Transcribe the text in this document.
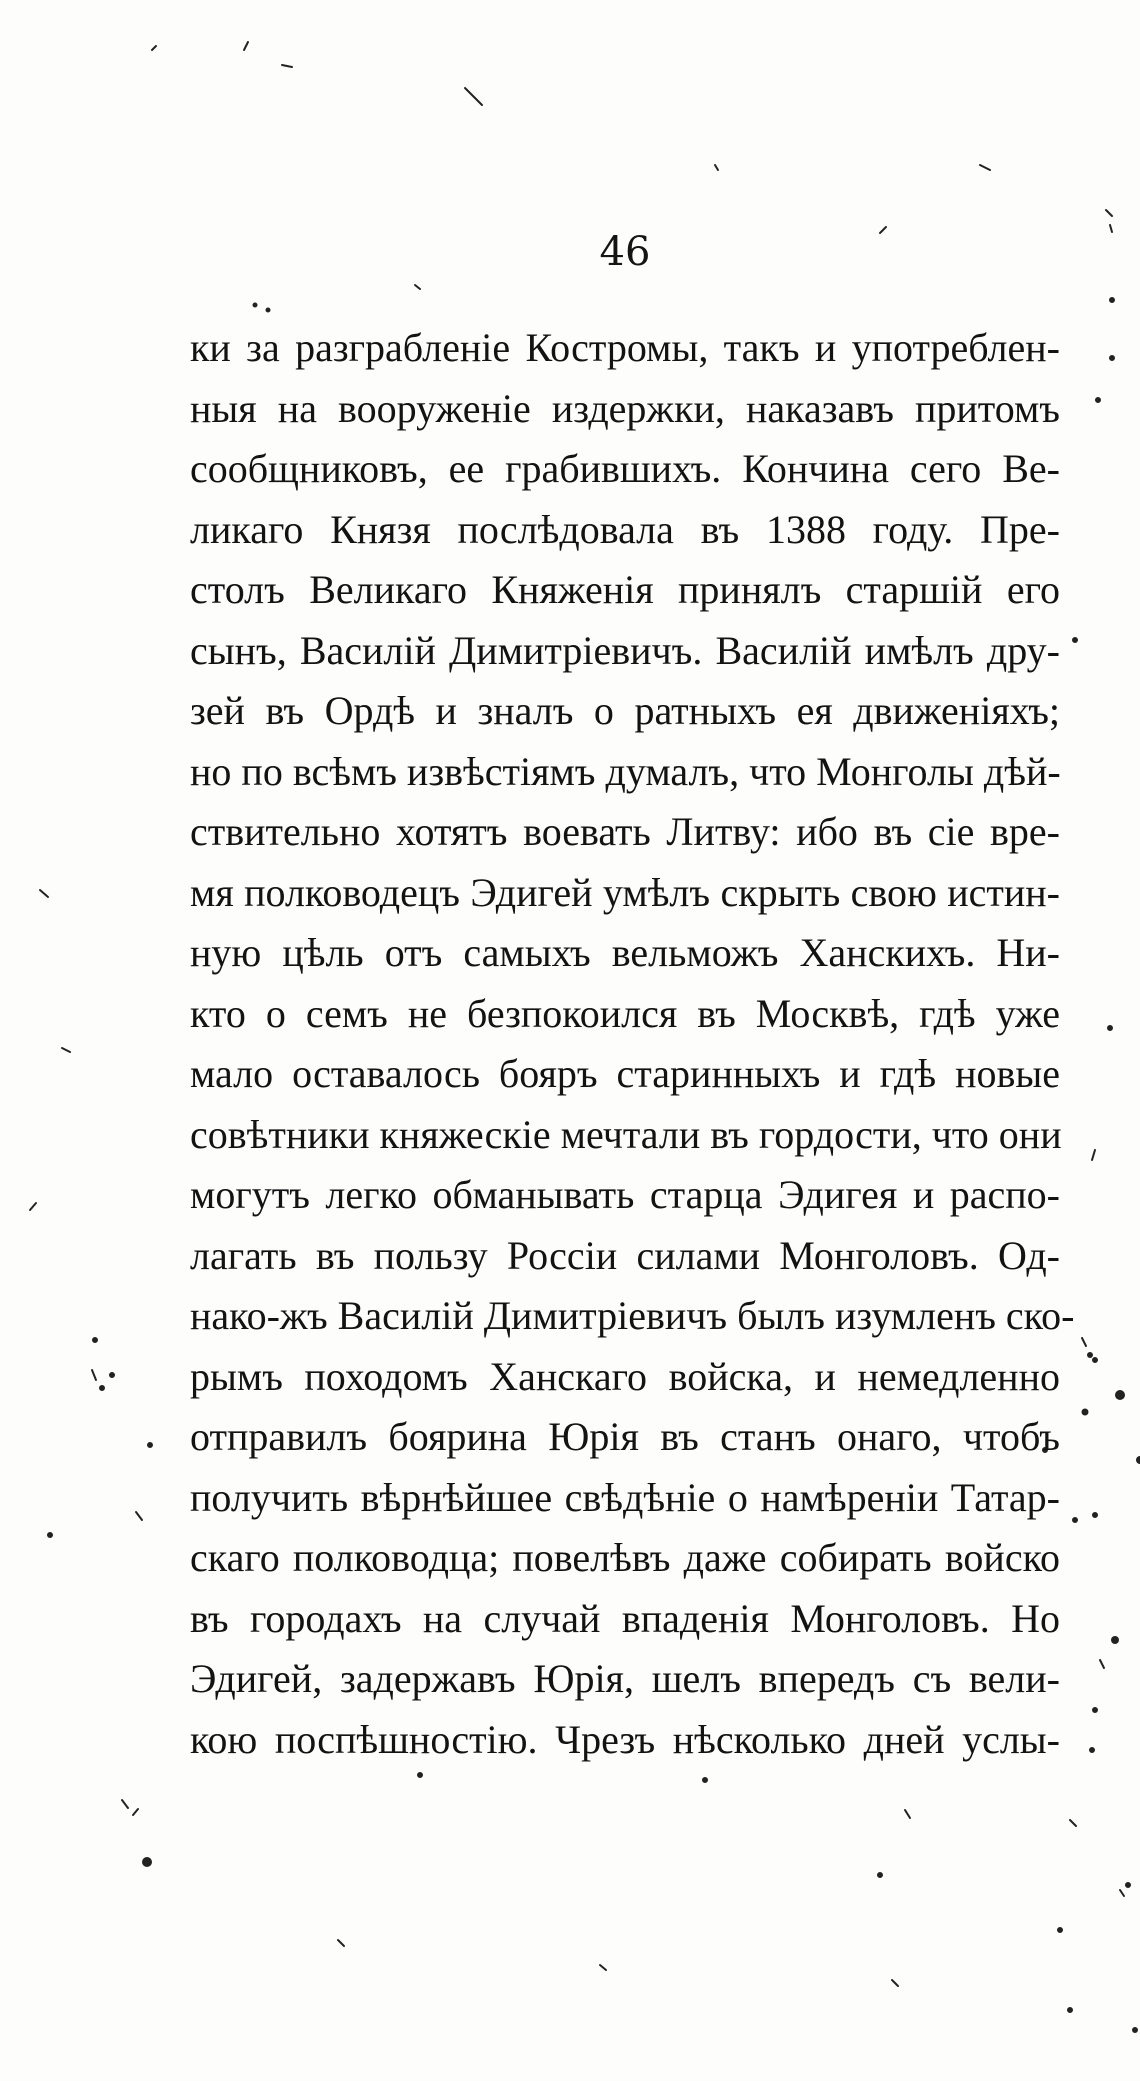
46
ки за разграбленіе Костромы, такъ и употреблен-
ныя на вооруженіе издержки, наказавъ притомъ
сообщниковъ, ее грабившихъ. Кончина сего Ве-
ликаго Князя послѣдовала въ 1388 году. Пре-
столъ Великаго Княженія принялъ старшій его
сынъ, Василій Димитріевичъ. Василій имѣлъ дру-
зей въ Ордѣ и зналъ о ратныхъ ея движеніяхъ;
но по всѣмъ извѣстіямъ думалъ, что Монголы дѣй-
ствительно хотятъ воевать Литву: ибо въ сіе вре-
мя полководецъ Эдигей умѣлъ скрыть свою истин-
ную цѣль отъ самыхъ вельможъ Ханскихъ. Ни-
кто о семъ не безпокоился въ Москвѣ, гдѣ уже
мало оставалось бояръ старинныхъ и гдѣ новые
совѣтники княжескіе мечтали въ гордости, что они
могутъ легко обманывать старца Эдигея и распо-
лагать въ пользу Россіи силами Монголовъ. Од-
нако-жъ Василій Димитріевичъ былъ изумленъ ско-
рымъ походомъ Ханскаго войска, и немедленно
отправилъ боярина Юрія въ станъ онаго, чтобъ
получить вѣрнѣйшее свѣдѣніе о намѣреніи Татар-
скаго полководца; повелѣвъ даже собирать войско
въ городахъ на случай впаденія Монголовъ. Но
Эдигей, задержавъ Юрія, шелъ впередъ съ вели-
кою поспѣшностію. Чрезъ нѣсколько дней услы-
